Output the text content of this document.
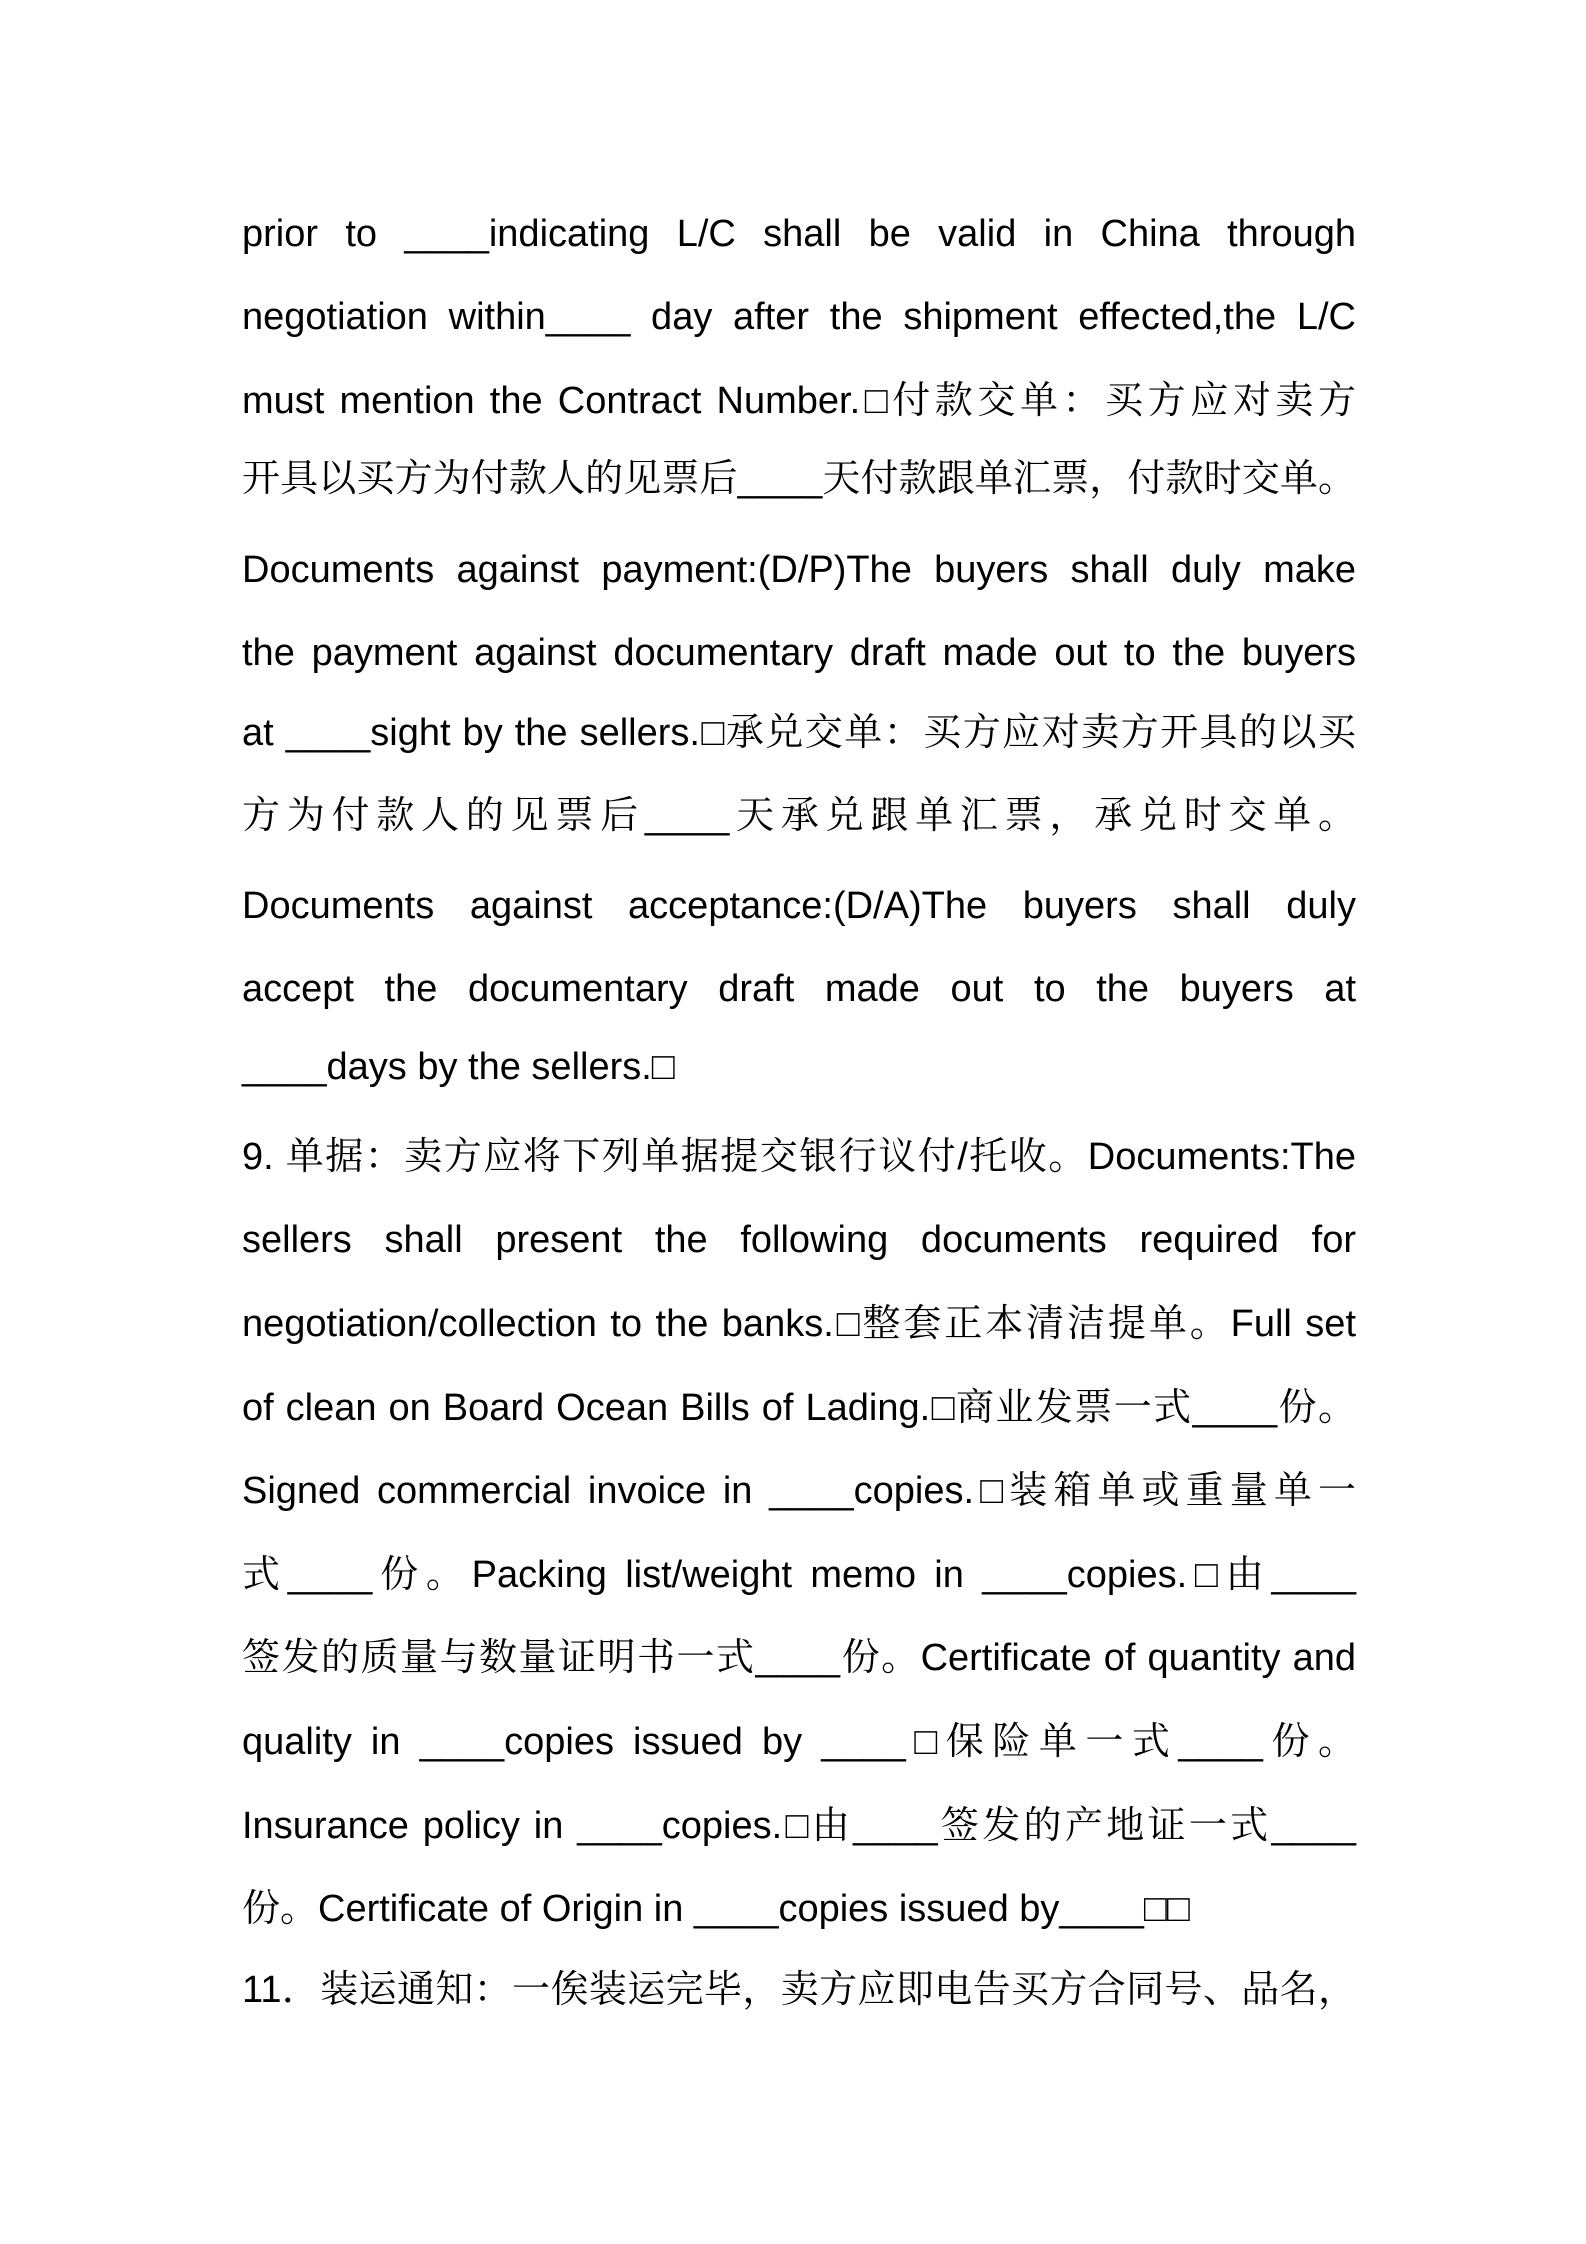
prior to ____indicating L/C shall be valid in China through

negotiation within____ day after the shipment effected,the L/C

must mention the Contract Number.□付款交单：买方应对卖方

开具以买方为付款人的见票后____天付款跟单汇票，付款时交单。

Documents against payment:(D/P)The buyers shall duly make

the payment against documentary draft made out to the buyers

at ____sight by the sellers.□承兑交单：买方应对卖方开具的以买

方为付款人的见票后____天承兑跟单汇票，承兑时交单。

Documents against acceptance:(D/A)The buyers shall duly

accept the documentary draft made out to the buyers at

____days by the sellers.□

9. 单据：卖方应将下列单据提交银行议付/托收。Documents:The

sellers shall present the following documents required for

negotiation/collection to the banks.□整套正本清洁提单。Full set

of clean on Board Ocean Bills of Lading.□商业发票一式____份。

Signed commercial invoice in ____copies.□装箱单或重量单一

式____份。Packing list/weight memo in ____copies.□由____

签发的质量与数量证明书一式____份。Certificate of quantity and

quality in ____copies issued by ____□保险单一式____份。

Insurance policy in ____copies.□由____签发的产地证一式____

份。Certificate of Origin in ____copies issued by____□□

11．装运通知：一俟装运完毕，卖方应即电告买方合同号、品名，
